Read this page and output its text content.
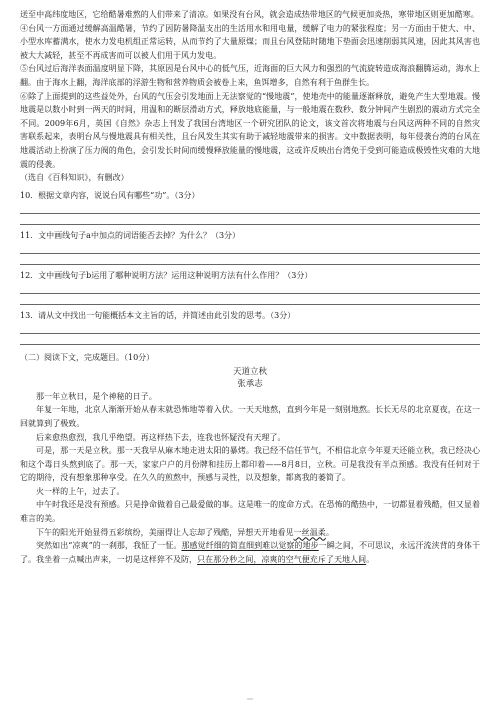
送至中高纬度地区，它给酷暑难熬的人们带来了清凉。如果没有台风，就会造成热带地区的气候更加炎热，寒带地区则更加酷寒。

④台风一方面通过缓解高温酷暑，节约了因防暑降温支出的生活用水和用电量，缓解了电力的紧张程度；另一方面由于使大、中、小型水库蓄满水，使水力发电机组正常运转，从而节约了大量原煤；而且台风登陆时随地下垫面会迅速削弱其风速，因此其风害也被大大减轻，甚至不再成害而可以被人们用于风力发电。

⑤台风过后海洋表面温度明显下降，其原因是台风中心的低气压，近海面的巨大风力和强烈的气流旋转造成海浪翻腾运动，海水上翻。由于海水上翻，海洋底部的浮游生物和营养物质会被卷上来，鱼饵增多，自然有利于鱼群生长。

⑥除了上面提到的这些益处外，台风的气压会引发地面上无法察觉的“慢地震”，使地壳中的能量逐渐释放，避免产生大型地震。慢地震是以数小时到一两天的时间，用温和的断层滑动方式，释放地底能量，与一般地震在数秒、数分钟间产生剧烈的震动方式完全不同。2009年6月，英国《自然》杂志上刊发了我国台湾地区一个研究团队的论文，该文首次将地震与台风这两种不同的自然灾害联系起来，表明台风与慢地震具有相关性，且台风发生其实有助于减轻地震带来的损害。文中数据表明，每年侵袭台湾的台风在地震活动上扮演了压力阀的角色，会引发长时间而缓慢释放能量的慢地震，这或许反映出台湾免于受到可能造成极毁性灾难的大地震的侵袭。

（选自《百科知识》，有删改）

10．根据文章内容，说说台风有哪些“功”。（3分）

11．文中画线句子a中加点的词语能否去掉？为什么？（3分）

12．文中画线句子b运用了哪种说明方法？运用这种说明方法有什么作用？（3分）

13．请从文中找出一句能概括本文主旨的话，并简述由此引发的思考。（3分）

（二）阅读下文，完成题目。（10分）

天道立秋

张承志

那一年立秋日，是个神秘的日子。

年复一年地，北京人渐渐开始从春末就恐怖地等着入伏。一天天地熬，直到今年是一刻别地熬。长长无尽的北京夏夜，在这一回就算到了极致。

后来愈热愈烈，我几乎绝望。再这样热下去，连我也怀疑没有天理了。

可是，那一天是立秋。那一天我早从麻木地走进太阳的暴烤。我已经不信任节气，不相信北京今年夏天还能立秋，我已经决心和这个毒日头熬到底了。那一天，家家户户的月份牌和挂历上都印着——8月8日，立秋。可是我没有半点预感。我没有任何对于它的期待，没有想象那种享受。在久久的煎熬中，预感与灵性，以及想象，都离我的萎简了。

火一样的上午，过去了。

中午时我还是没有预感。只是挣命做着自己最爱做的事。这是唯一的度命方式。在恐怖的酷热中，一切都显着残酷，但又显着难言的美。

下午的阳光开始显得五彩缤纷，美丽得让人忘却了残酷，异想天开地看见一丝温柔。

突然如出“凉爽”的一刹那，我怔了一怔。那感觉纤细的简直细到难以觉察的地步一瞬之间，不可思议，永远汗流浃背的身体干了。我坐着一点喊出声来，一切是这样猝不及防，只在那分秒之间，凉爽的空气便充斥了天地人间。
